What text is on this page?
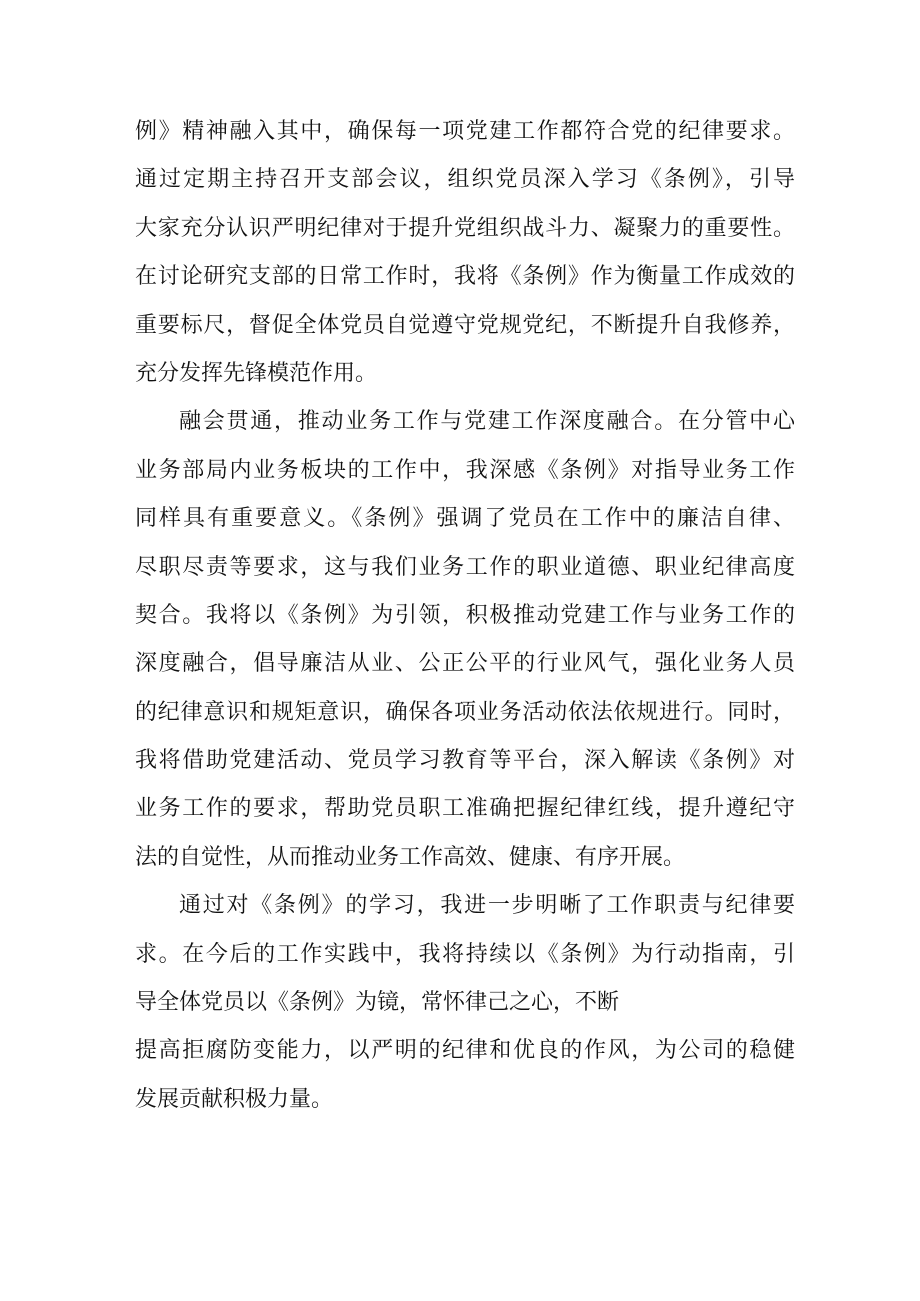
例》精神融入其中，确保每一项党建工作都符合党的纪律要求。
通过定期主持召开支部会议，组织党员深入学习《条例》，引导
大家充分认识严明纪律对于提升党组织战斗力、凝聚力的重要性。
在讨论研究支部的日常工作时，我将《条例》作为衡量工作成效的
重要标尺，督促全体党员自觉遵守党规党纪，不断提升自我修养，
充分发挥先锋模范作用。
融会贯通，推动业务工作与党建工作深度融合。在分管中心
业务部局内业务板块的工作中，我深感《条例》对指导业务工作
同样具有重要意义。《条例》强调了党员在工作中的廉洁自律、
尽职尽责等要求，这与我们业务工作的职业道德、职业纪律高度
契合。我将以《条例》为引领，积极推动党建工作与业务工作的
深度融合，倡导廉洁从业、公正公平的行业风气，强化业务人员
的纪律意识和规矩意识，确保各项业务活动依法依规进行。同时，
我将借助党建活动、党员学习教育等平台，深入解读《条例》对
业务工作的要求，帮助党员职工准确把握纪律红线，提升遵纪守
法的自觉性，从而推动业务工作高效、健康、有序开展。
通过对《条例》的学习，我进一步明晰了工作职责与纪律要
求。在今后的工作实践中，我将持续以《条例》为行动指南，引
导全体党员以《条例》为镜，常怀律己之心，不断
提高拒腐防变能力，以严明的纪律和优良的作风，为公司的稳健
发展贡献积极力量。
